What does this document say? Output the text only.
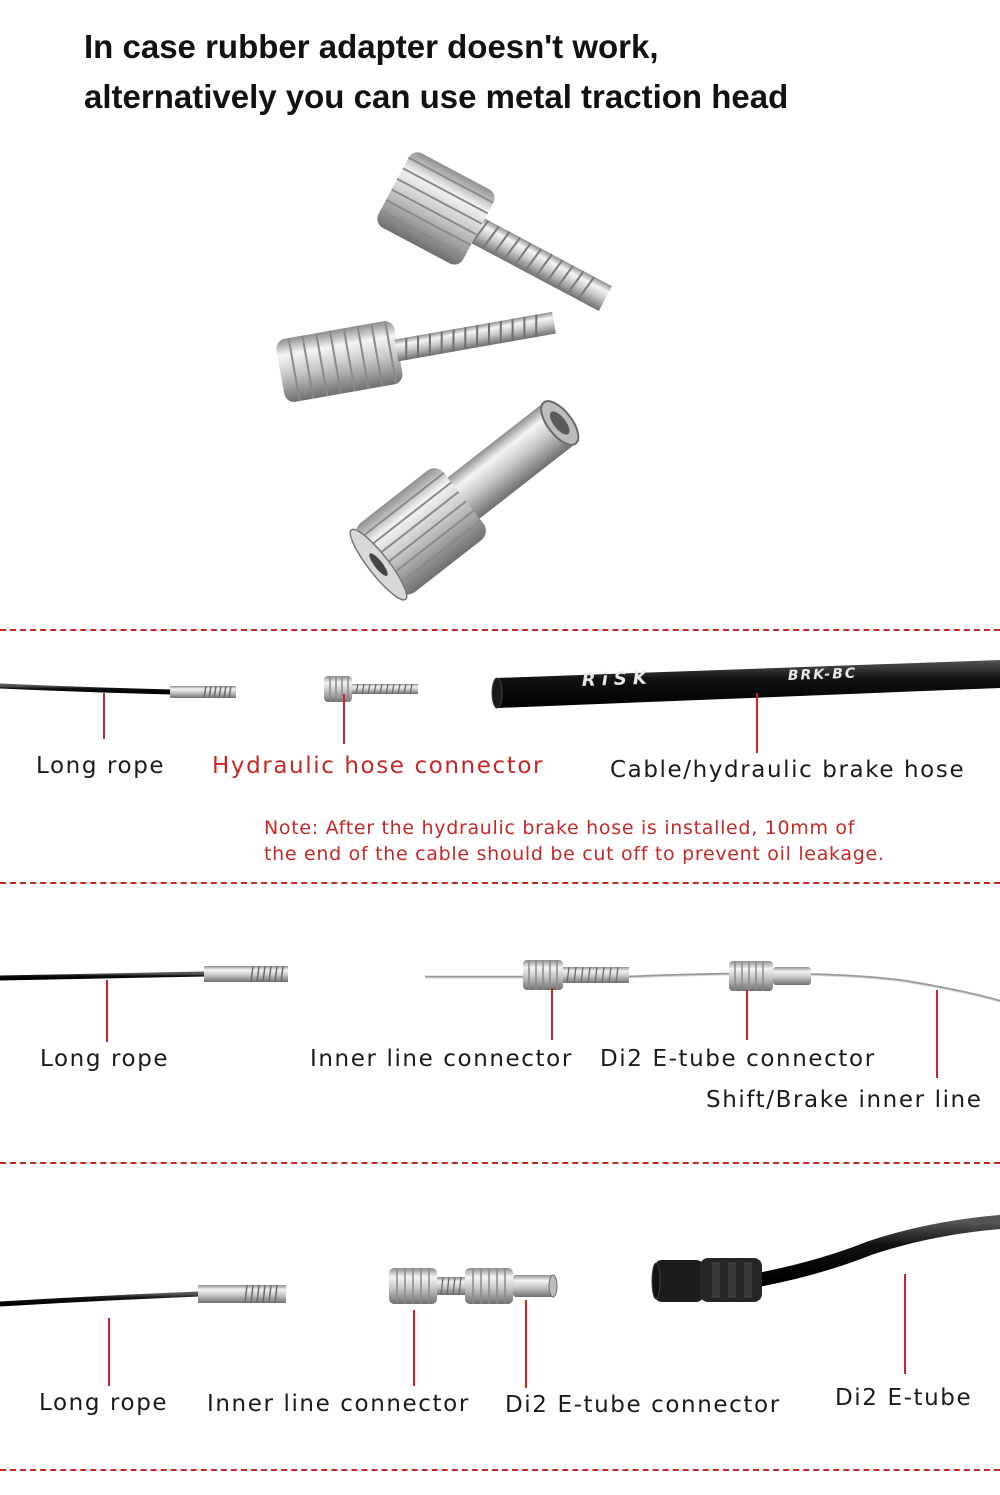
In case rubber adapter doesn't work,
alternatively you can use metal traction head
RiSK	BRK-BC
Long rope Hydraulic hose connector	Cable/hydraulic brake hose
Note: After the hydraulic brake hose is installed, 10mm of
the end of the cable should be cut off to prevent oil leakage.
Long rope	Inner line connector Di2 E-tube connector
Shift/Brake inner line
Long rope Inner line connector Di2 E-tube connector Di2 E-tube
